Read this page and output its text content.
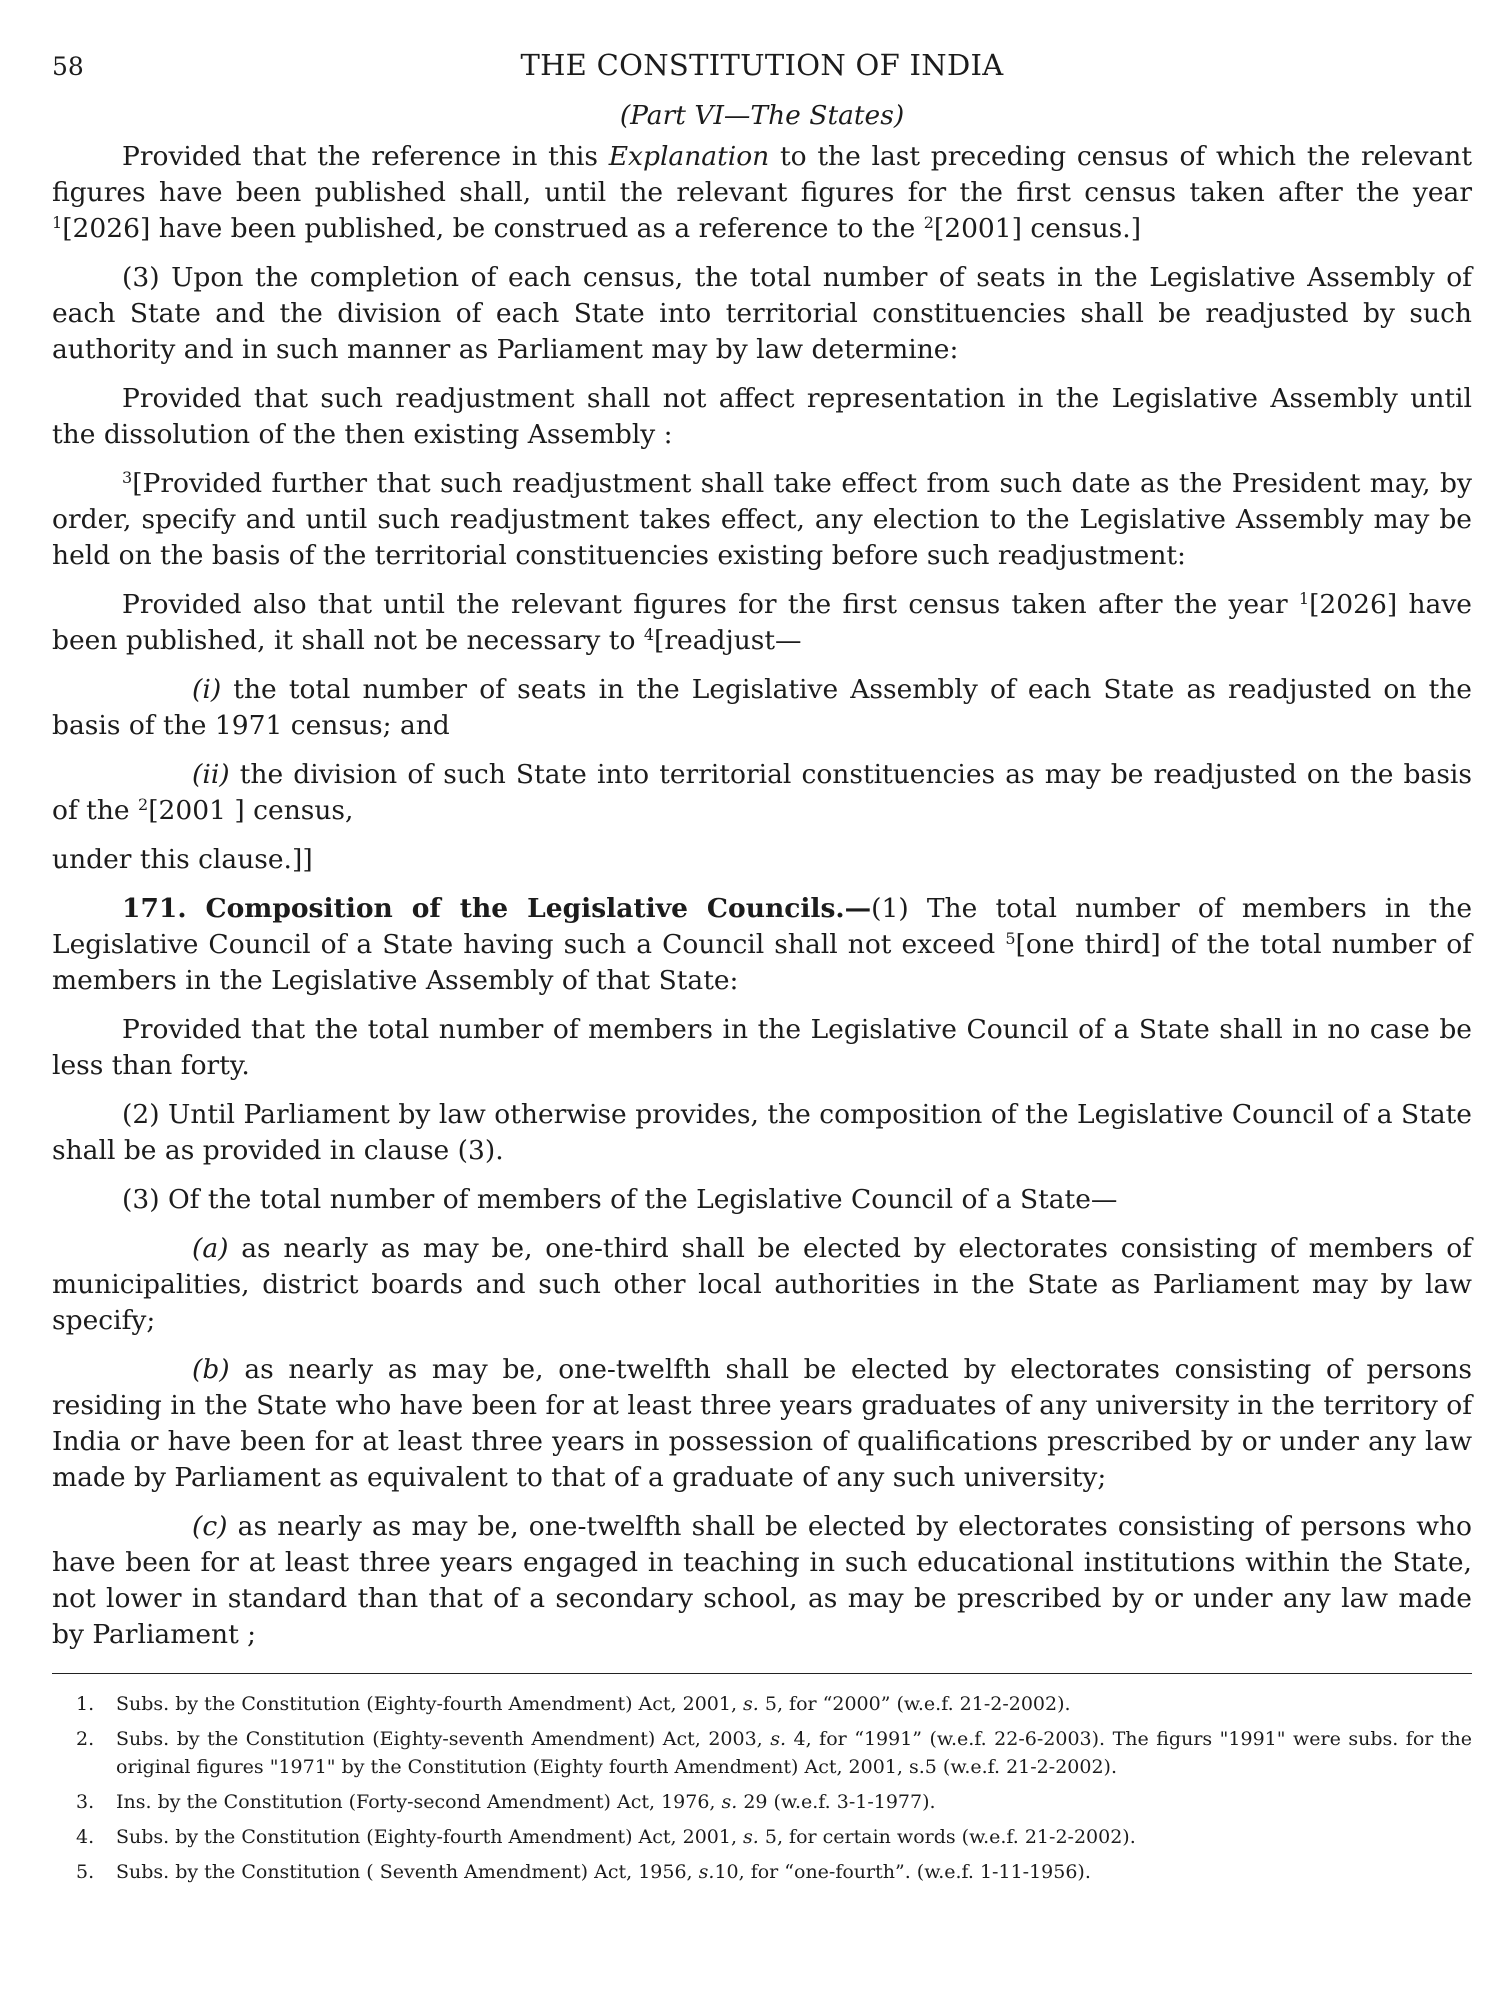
58	THE CONSTITUTION OF INDIA
(Part VI—The States)

Provided that the reference in this Explanation to the last preceding census of which the relevant figures have been published shall, until the relevant figures for the first census taken after the year $^1$[2026] have been published, be construed as a reference to the $^2$[2001] census.]

(3) Upon the completion of each census, the total number of seats in the Legislative Assembly of each State and the division of each State into territorial constituencies shall be readjusted by such authority and in such manner as Parliament may by law determine:

Provided that such readjustment shall not affect representation in the Legislative Assembly until the dissolution of the then existing Assembly :

$^3$[Provided further that such readjustment shall take effect from such date as the President may, by order, specify and until such readjustment takes effect, any election to the Legislative Assembly may be held on the basis of the territorial constituencies existing before such readjustment:

Provided also that until the relevant figures for the first census taken after the year $^1$[2026] have been published, it shall not be necessary to $^4$[readjust—

(i) the total number of seats in the Legislative Assembly of each State as readjusted on the basis of the 1971 census; and

(ii) the division of such State into territorial constituencies as may be readjusted on the basis of the $^2$[2001 ] census,

under this clause.]]

171. Composition of the Legislative Councils.—(1) The total number of members in the Legislative Council of a State having such a Council shall not exceed $^5$[one third] of the total number of members in the Legislative Assembly of that State:

Provided that the total number of members in the Legislative Council of a State shall in no case be less than forty.

(2) Until Parliament by law otherwise provides, the composition of the Legislative Council of a State shall be as provided in clause (3).

(3) Of the total number of members of the Legislative Council of a State—

(a) as nearly as may be, one-third shall be elected by electorates consisting of members of municipalities, district boards and such other local authorities in the State as Parliament may by law specify;

(b) as nearly as may be, one-twelfth shall be elected by electorates consisting of persons residing in the State who have been for at least three years graduates of any university in the territory of India or have been for at least three years in possession of qualifications prescribed by or under any law made by Parliament as equivalent to that of a graduate of any such university;

(c) as nearly as may be, one-twelfth shall be elected by electorates consisting of persons who have been for at least three years engaged in teaching in such educational institutions within the State, not lower in standard than that of a secondary school, as may be prescribed by or under any law made by Parliament ;

1.	Subs. by the Constitution (Eighty-fourth Amendment) Act, 2001, s. 5, for “2000” (w.e.f. 21-2-2002).
2.	Subs. by the Constitution (Eighty-seventh Amendment) Act, 2003, s. 4, for “1991” (w.e.f. 22-6-2003). The figurs "1991" were subs. for the original figures "1971" by the Constitution (Eighty fourth Amendment) Act, 2001, s.5 (w.e.f. 21-2-2002).
3.	Ins. by the Constitution (Forty-second Amendment) Act, 1976, s. 29 (w.e.f. 3-1-1977).
4.	Subs. by the Constitution (Eighty-fourth Amendment) Act, 2001, s. 5, for certain words (w.e.f. 21-2-2002).
5.	Subs. by the Constitution ( Seventh Amendment) Act, 1956, s.10, for “one-fourth”. (w.e.f. 1-11-1956).
